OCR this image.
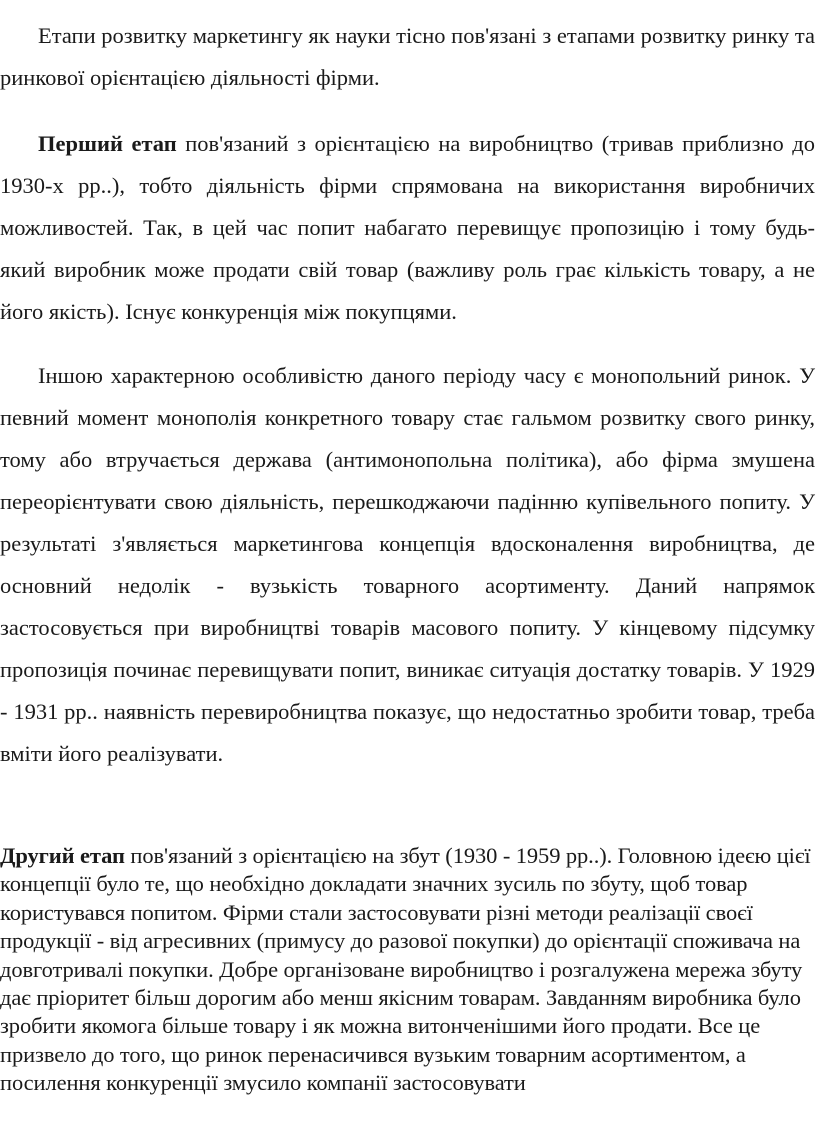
Етапи розвитку маркетингу як науки тісно пов'язані з етапами розвитку ринку та ринкової орієнтацією діяльності фірми.

Перший етап пов'язаний з орієнтацією на виробництво (тривав приблизно до 1930-х рр..), тобто діяльність фірми спрямована на використання виробничих можливостей. Так, в цей час попит набагато перевищує пропозицію і тому будь-який виробник може продати свій товар (важливу роль грає кількість товару, а не його якість). Існує конкуренція між покупцями.

Іншою характерною особливістю даного періоду часу є монопольний ринок. У певний момент монополія конкретного товару стає гальмом розвитку свого ринку, тому або втручається держава (антимонопольна політика), або фірма змушена переорієнтувати свою діяльність, перешкоджаючи падінню купівельного попиту. У результаті з'являється маркетингова концепція вдосконалення виробництва, де основний недолік - вузькість товарного асортименту. Даний напрямок застосовується при виробництві товарів масового попиту. У кінцевому підсумку пропозиція починає перевищувати попит, виникає ситуація достатку товарів. У 1929 - 1931 рр.. наявність перевиробництва показує, що недостатньо зробити товар, треба вміти його реалізувати.

Другий етап пов'язаний з орієнтацією на збут (1930 - 1959 рр..). Головною ідеєю цієї концепції було те, що необхідно докладати значних зусиль по збуту, щоб товар користувався попитом. Фірми стали застосовувати різні методи реалізації своєї продукції - від агресивних (примусу до разової покупки) до орієнтації споживача на довготривалі покупки. Добре організоване виробництво і розгалужена мережа збуту дає пріоритет більш дорогим або менш якісним товарам. Завданням виробника було зробити якомога більше товару і як можна витонченішими його продати. Все це призвело до того, що ринок перенасичився вузьким товарним асортиментом, а посилення конкуренції змусило компанії застосовувати
